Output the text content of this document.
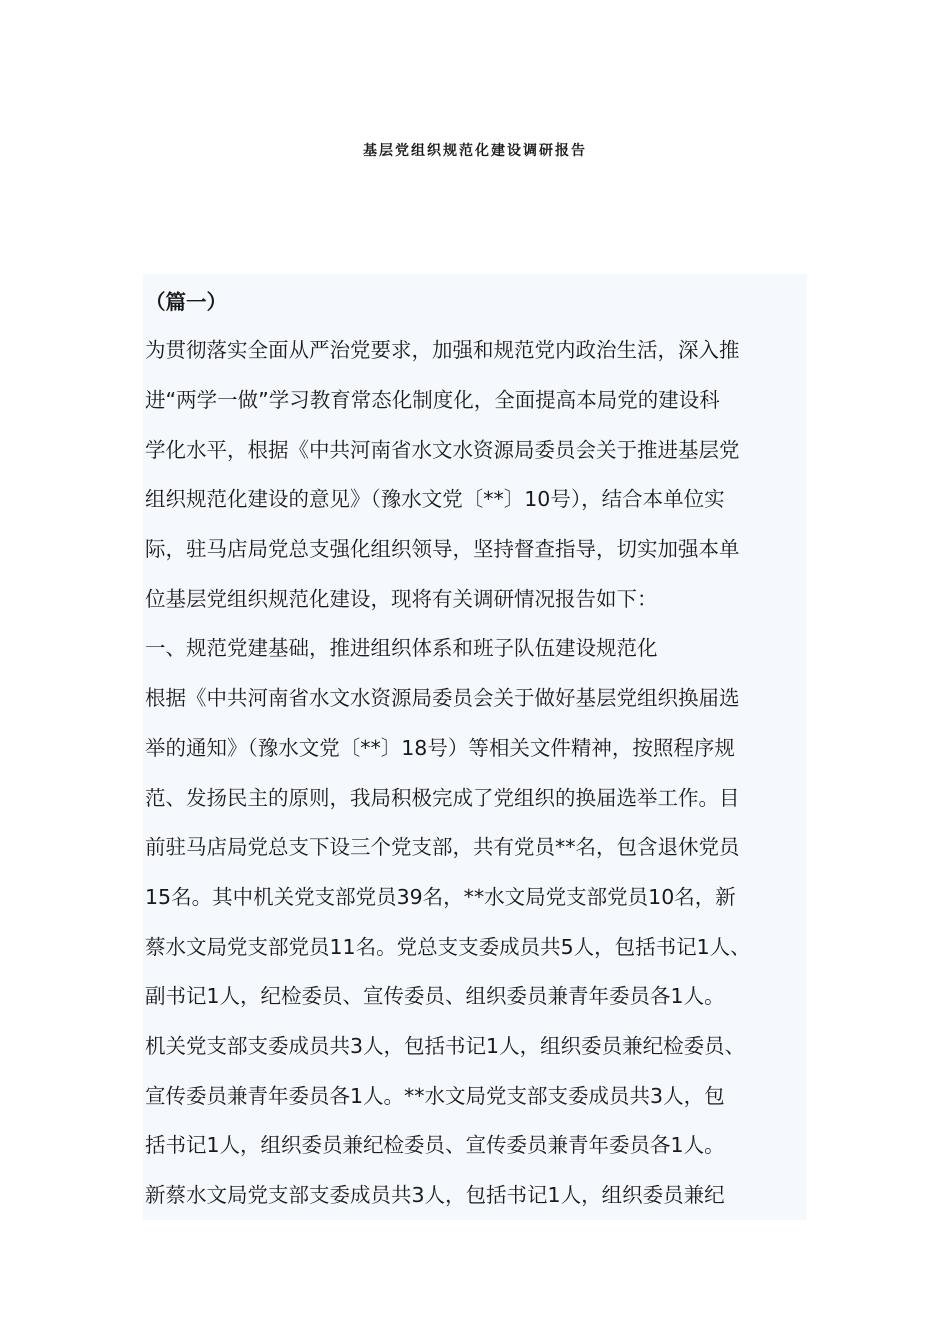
基层党组织规范化建设调研报告
（篇一）
为贯彻落实全面从严治党要求，加强和规范党内政治生活，深入推
进“两学一做”学习教育常态化制度化，全面提高本局党的建设科
学化水平，根据《中共河南省水文水资源局委员会关于推进基层党
组织规范化建设的意见》（豫水文党〔**〕10号），结合本单位实
际，驻马店局党总支强化组织领导，坚持督查指导，切实加强本单
位基层党组织规范化建设，现将有关调研情况报告如下：
一、规范党建基础，推进组织体系和班子队伍建设规范化
根据《中共河南省水文水资源局委员会关于做好基层党组织换届选
举的通知》（豫水文党〔**〕18号）等相关文件精神，按照程序规
范、发扬民主的原则，我局积极完成了党组织的换届选举工作。目
前驻马店局党总支下设三个党支部，共有党员**名，包含退休党员
15名。其中机关党支部党员39名，**水文局党支部党员10名，新
蔡水文局党支部党员11名。党总支支委成员共5人，包括书记1人、
副书记1人，纪检委员、宣传委员、组织委员兼青年委员各1人。
机关党支部支委成员共3人，包括书记1人，组织委员兼纪检委员、
宣传委员兼青年委员各1人。**水文局党支部支委成员共3人，包
括书记1人，组织委员兼纪检委员、宣传委员兼青年委员各1人。
新蔡水文局党支部支委成员共3人，包括书记1人，组织委员兼纪
